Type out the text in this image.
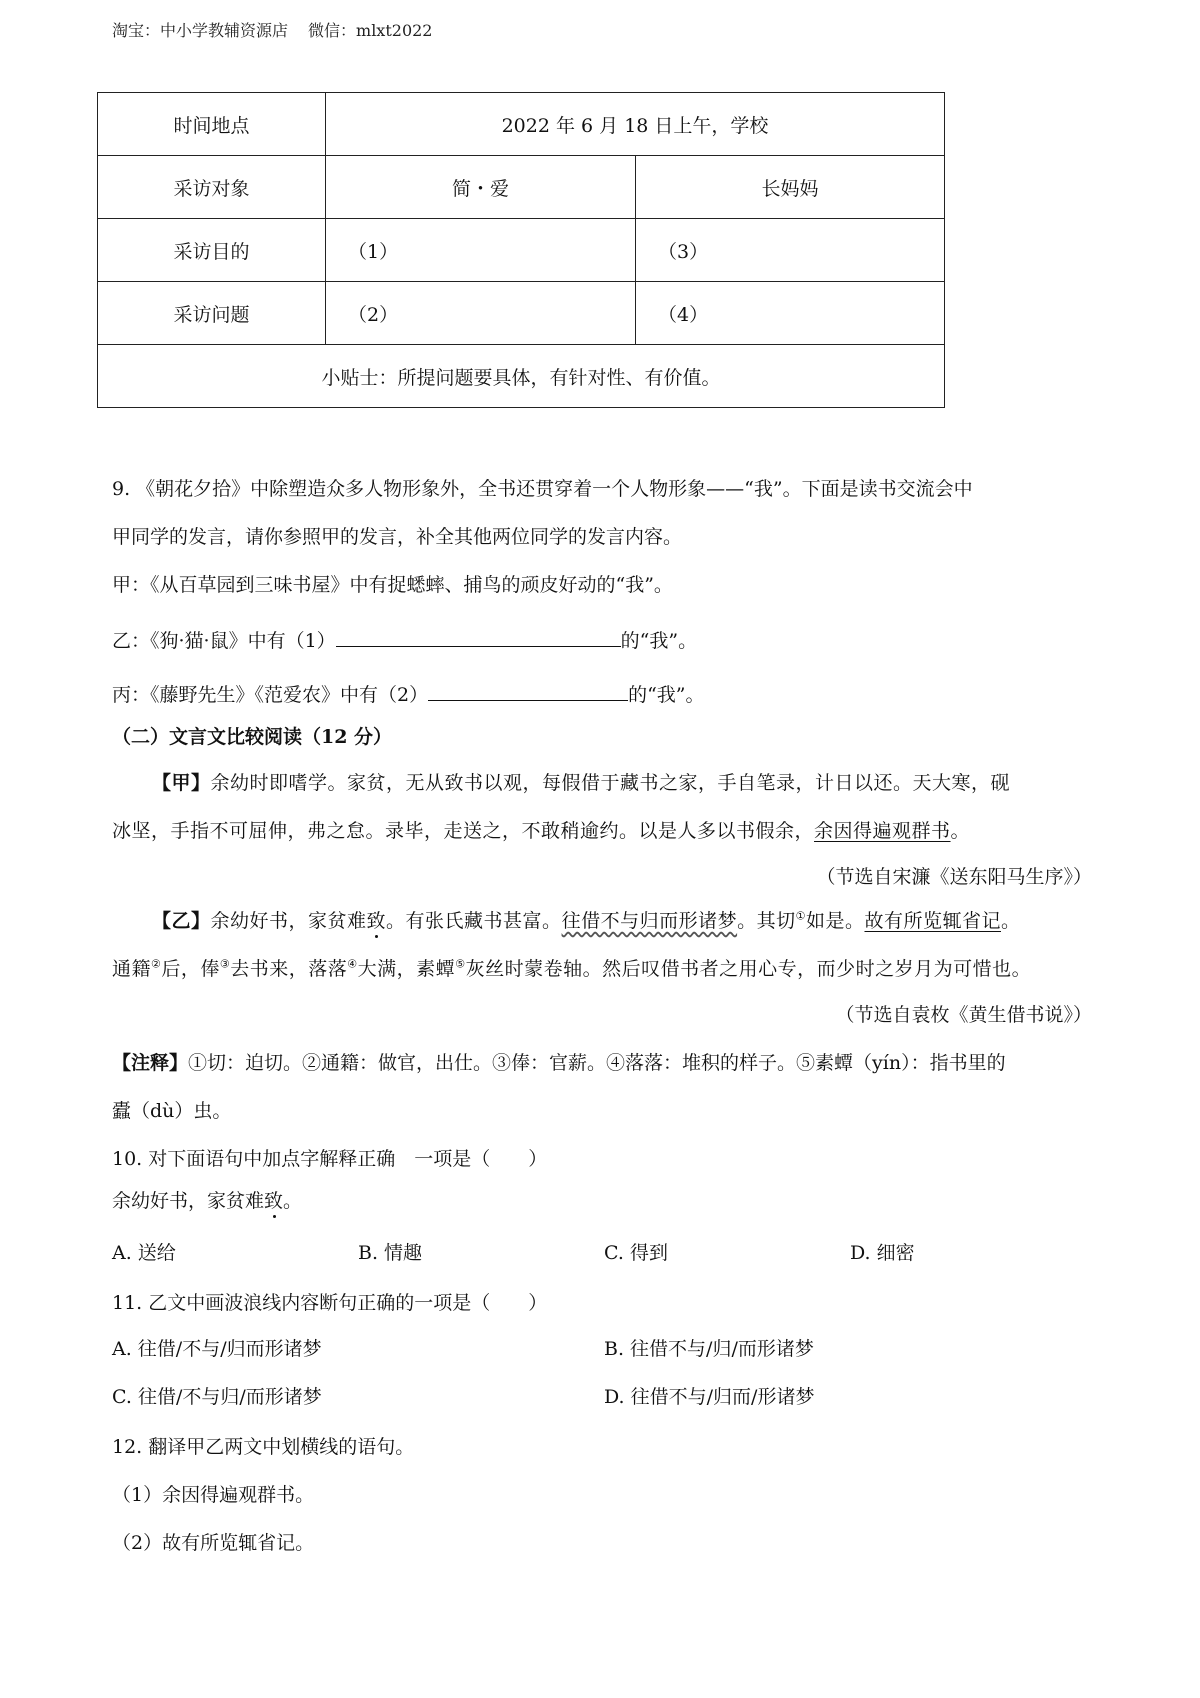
淘宝：中小学教辅资源店 微信：mlxt2022
时间地点	2022 年 6 月 18 日上午，学校	
采访对象	简・爱	长妈妈
采访目的	（1）	（3）
采访问题	（2）	（4）
小贴士：所提问题要具体，有针对性、有价值。		
9. 《朝花夕拾》中除塑造众多人物形象外，全书还贯穿着一个人物形象——“我”。下面是读书交流会中
甲同学的发言，请你参照甲的发言，补全其他两位同学的发言内容。
甲：《从百草园到三味书屋》中有捉蟋蟀、捕鸟的顽皮好动的“我”。
乙：《狗·猫·鼠》中有（1）	的“我”。
丙：《藤野先生》《范爱农》中有（2）	的“我”。
（二）文言文比较阅读（12 分）
【甲】余幼时即嗜学。家贫，无从致书以观，每假借于藏书之家，手自笔录，计日以还。天大寒，砚
冰坚，手指不可屈伸，弗之怠。录毕，走送之，不敢稍逾约。以是人多以书假余，余因得遍观群书。
（节选自宋濂《送东阳马生序》）
【乙】余幼好书，家贫难致。有张氏藏书甚富。往借不与归而形诸梦。其切①如是。故有所览辄省记。
通籍②后，俸③去书来，落落④大满，素蟫⑤灰丝时蒙卷轴。然后叹借书者之用心专，而少时之岁月为可惜也。
（节选自袁枚《黄生借书说》）
【注释】①切：迫切。②通籍：做官，出仕。③俸：官薪。④落落：堆积的样子。⑤素蟫（yín）：指书里的
蠹（dù）虫。
10. 对下面语句中加点字解释正确　一项是（　　）
余幼好书，家贫难致。
A. 送给	B. 情趣	C. 得到	D. 细密
11. 乙文中画波浪线内容断句正确的一项是（　　）
A. 往借/不与/归而形诸梦	B. 往借不与/归/而形诸梦
C. 往借/不与归/而形诸梦	D. 往借不与/归而/形诸梦
12. 翻译甲乙两文中划横线的语句。
（1）余因得遍观群书。
（2）故有所览辄省记。
